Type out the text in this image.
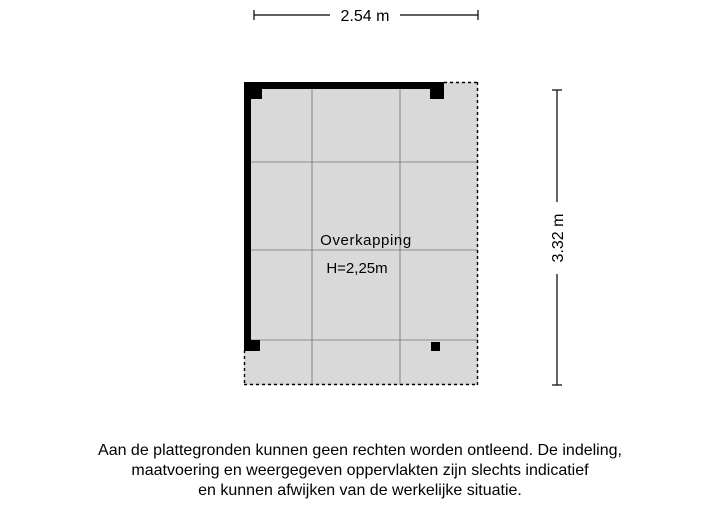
2.54 m
3.32 m
Overkapping
H=2,25m
Aan de plattegronden kunnen geen rechten worden ontleend. De indeling,
maatvoering en weergegeven oppervlakten zijn slechts indicatief
en kunnen afwijken van de werkelijke situatie.
